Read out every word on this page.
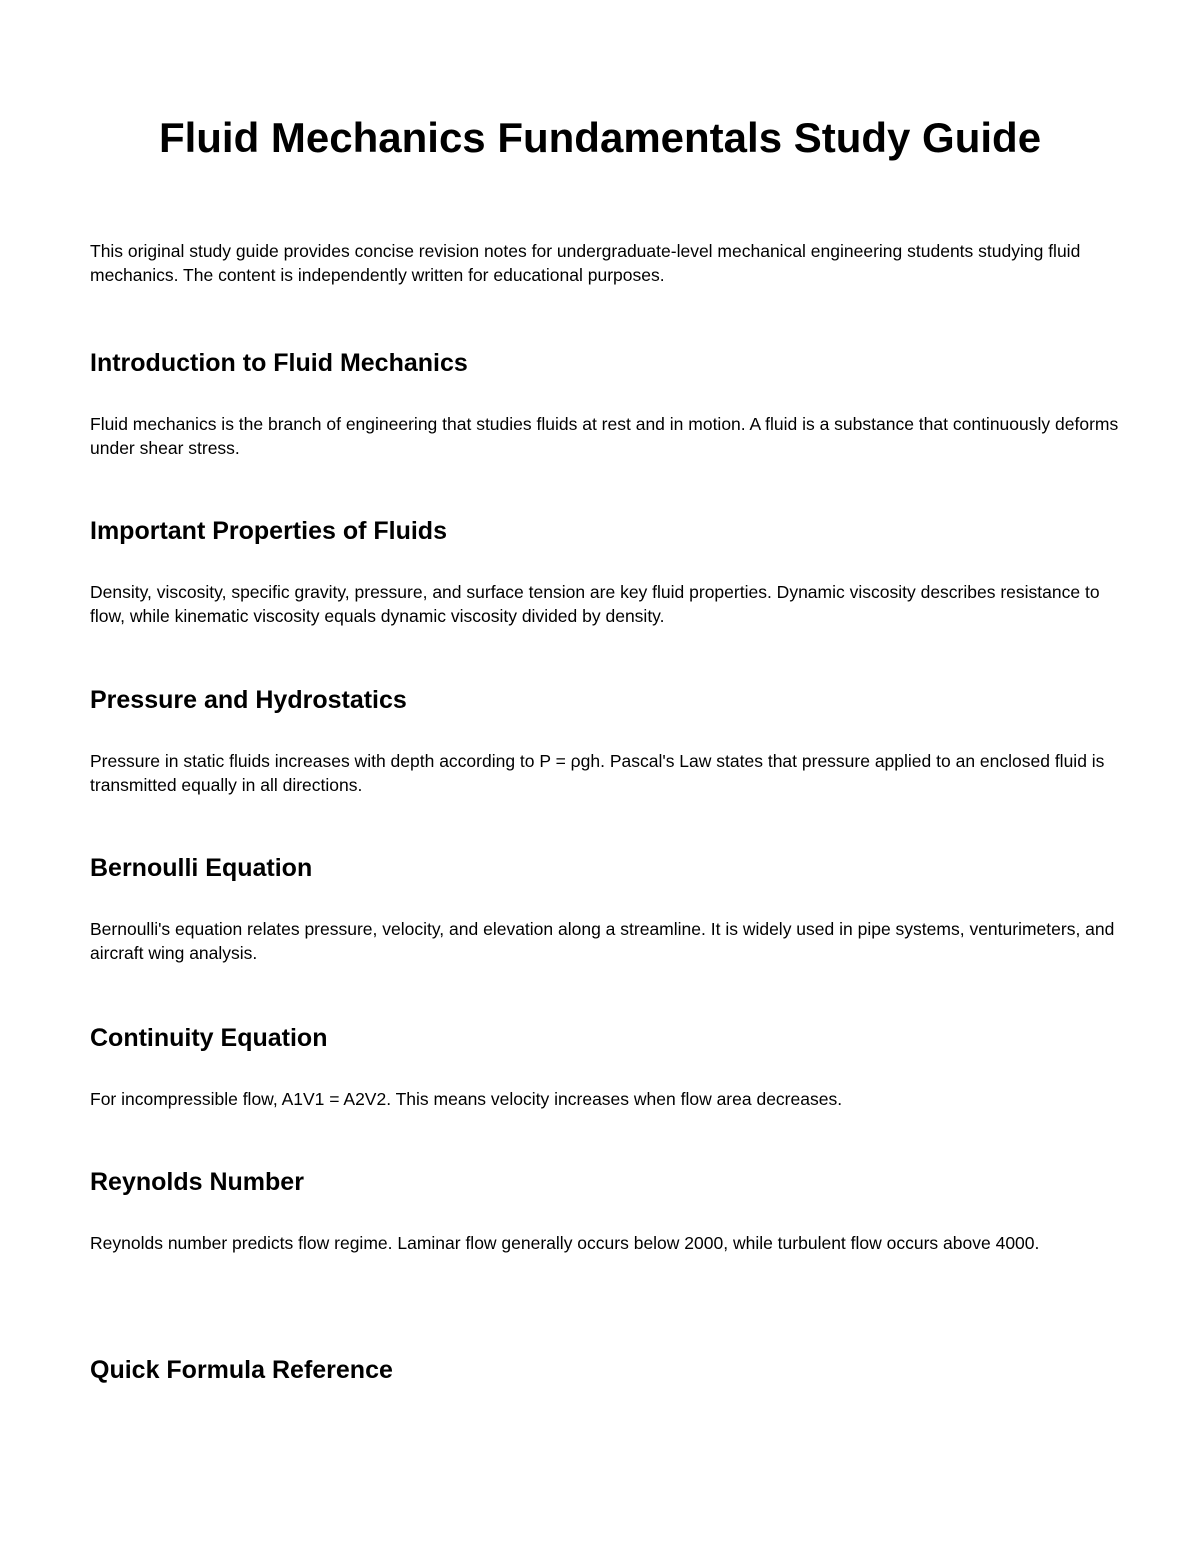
Fluid Mechanics Fundamentals Study Guide

This original study guide provides concise revision notes for undergraduate-level mechanical engineering students studying fluid mechanics. The content is independently written for educational purposes.

Introduction to Fluid Mechanics

Fluid mechanics is the branch of engineering that studies fluids at rest and in motion. A fluid is a substance that continuously deforms under shear stress.

Important Properties of Fluids

Density, viscosity, specific gravity, pressure, and surface tension are key fluid properties. Dynamic viscosity describes resistance to flow, while kinematic viscosity equals dynamic viscosity divided by density.

Pressure and Hydrostatics

Pressure in static fluids increases with depth according to P = ρgh. Pascal's Law states that pressure applied to an enclosed fluid is transmitted equally in all directions.

Bernoulli Equation

Bernoulli's equation relates pressure, velocity, and elevation along a streamline. It is widely used in pipe systems, venturimeters, and aircraft wing analysis.

Continuity Equation

For incompressible flow, A1V1 = A2V2. This means velocity increases when flow area decreases.

Reynolds Number

Reynolds number predicts flow regime. Laminar flow generally occurs below 2000, while turbulent flow occurs above 4000.

Quick Formula Reference
